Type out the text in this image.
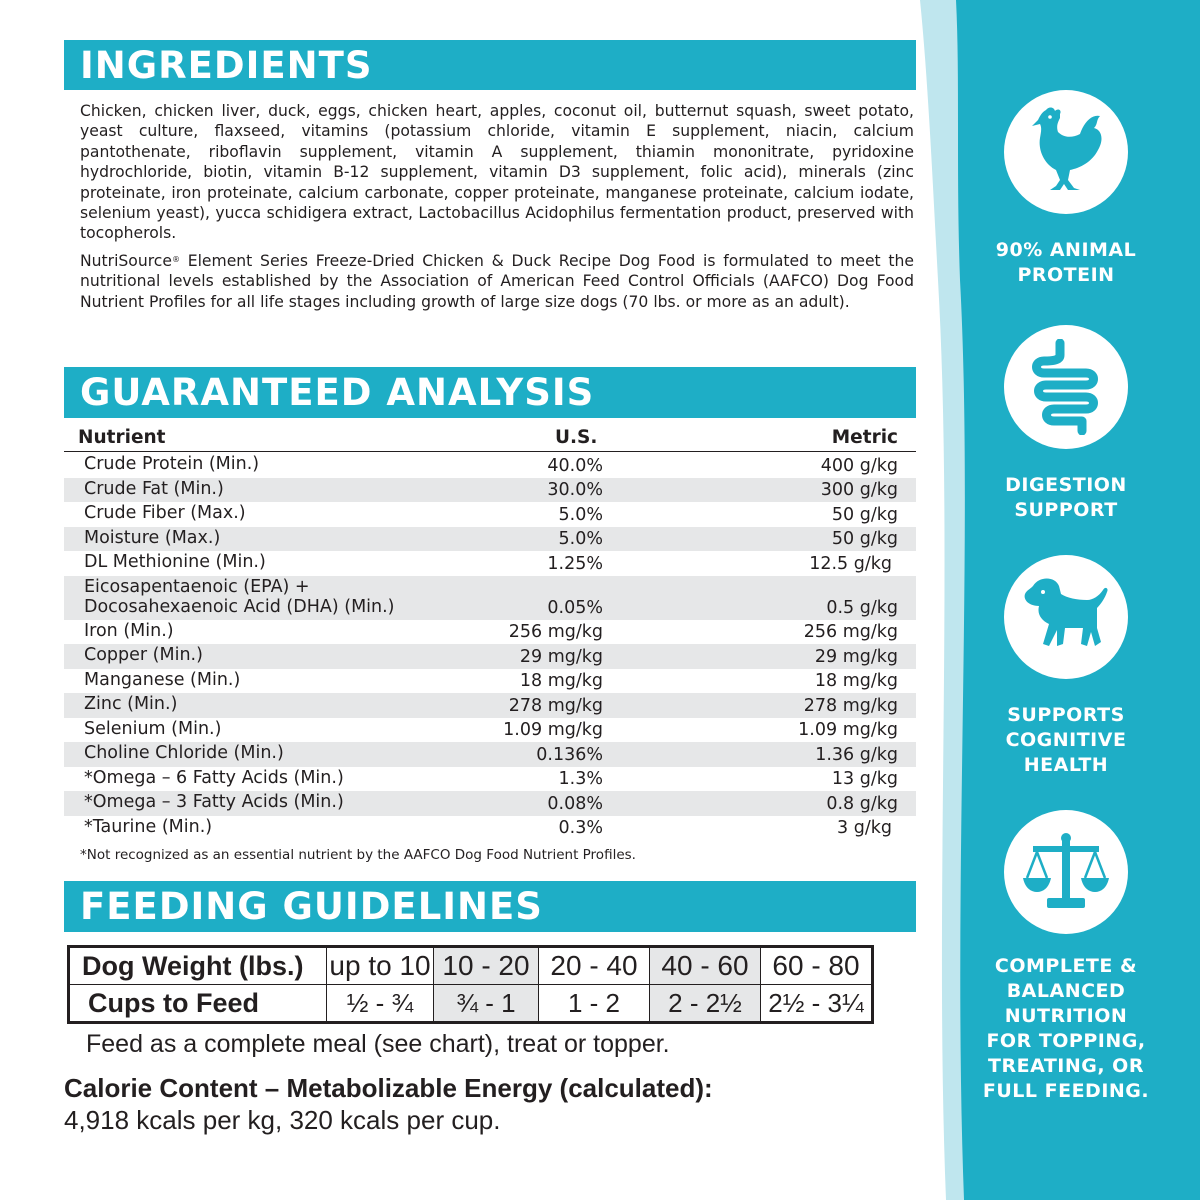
INGREDIENTS

Chicken, chicken liver, duck, eggs, chicken heart, apples, coconut oil, butternut squash, sweet potato, yeast culture, flaxseed, vitamins (potassium chloride, vitamin E supplement, niacin, calcium pantothenate, riboflavin supplement, vitamin A supplement, thiamin mononitrate, pyridoxine hydrochloride, biotin, vitamin B-12 supplement, vitamin D3 supplement, folic acid), minerals (zinc proteinate, iron proteinate, calcium carbonate, copper proteinate, manganese proteinate, calcium iodate, selenium yeast), yucca schidigera extract, Lactobacillus Acidophilus fermentation product, preserved with tocopherols.

NutriSource® Element Series Freeze-Dried Chicken & Duck Recipe Dog Food is formulated to meet the nutritional levels established by the Association of American Feed Control Officials (AAFCO) Dog Food Nutrient Profiles for all life stages including growth of large size dogs (70 lbs. or more as an adult).

GUARANTEED ANALYSIS
Nutrient	U.S.	Metric
Crude Protein (Min.)	40.0%	400 g/kg
Crude Fat (Min.)	30.0%	300 g/kg
Crude Fiber (Max.)	5.0%	50 g/kg
Moisture (Max.)	5.0%	50 g/kg
DL Methionine (Min.)	1.25%	12.5 g/kg
Eicosapentaenoic (EPA) +
Docosahexaenoic Acid (DHA) (Min.)	0.05%	0.5 g/kg
Iron (Min.)	256 mg/kg	256 mg/kg
Copper (Min.)	29 mg/kg	29 mg/kg
Manganese (Min.)	18 mg/kg	18 mg/kg
Zinc (Min.)	278 mg/kg	278 mg/kg
Selenium (Min.)	1.09 mg/kg	1.09 mg/kg
Choline Chloride (Min.)	0.136%	1.36 g/kg
*Omega – 6 Fatty Acids (Min.)	1.3%	13 g/kg
*Omega – 3 Fatty Acids (Min.)	0.08%	0.8 g/kg
*Taurine (Min.)	0.3%	3 g/kg
*Not recognized as an essential nutrient by the AAFCO Dog Food Nutrient Profiles.
FEEDING GUIDELINES
Dog Weight (lbs.)	up to 10	10 - 20	20 - 40	40 - 60	60 - 80
Cups to Feed	½ - ¾	¾ - 1	1 - 2	2 - 2½	2½ - 3¼
Feed as a complete meal (see chart), treat or topper.
Calorie Content – Metabolizable Energy (calculated):
4,918 kcals per kg, 320 kcals per cup.
90% ANIMAL
PROTEIN
DIGESTION
SUPPORT
SUPPORTS
COGNITIVE
HEALTH
COMPLETE &
BALANCED
NUTRITION
FOR TOPPING,
TREATING, OR
FULL FEEDING.
